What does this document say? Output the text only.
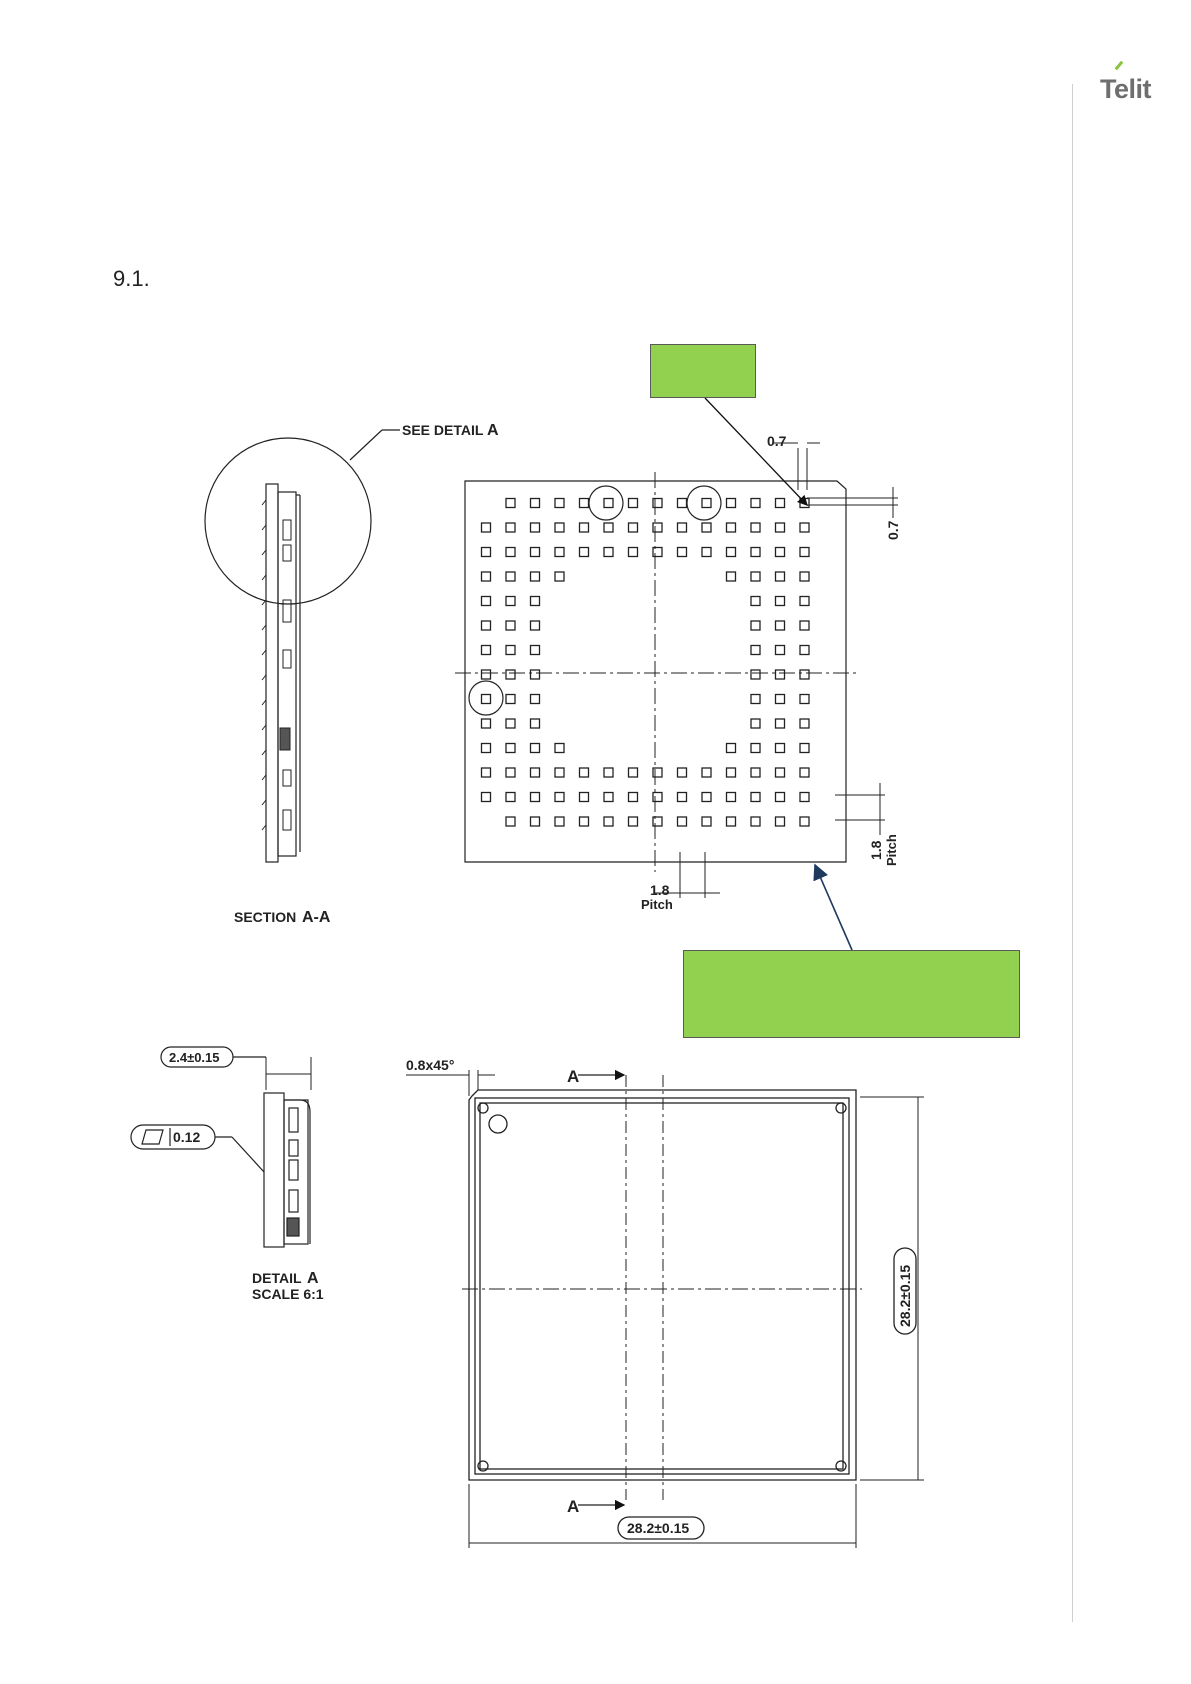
Telit
9.1.
SEE DETAIL A
SECTION A-A
0.7
0.7
1.8
Pitch
1.8 Pitch
2.4±0.15
0.12
DETAIL A
SCALE 6:1
0.8x45°
A
A
28.2±0.15
28.2±0.15
